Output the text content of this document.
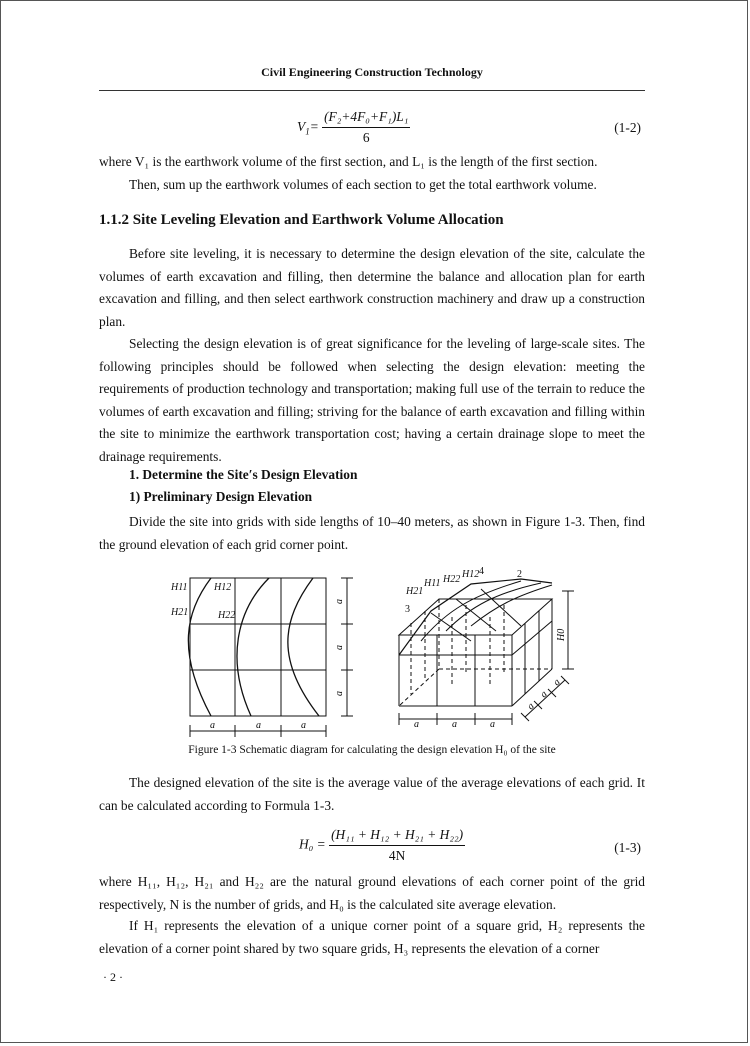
Civil Engineering Construction Technology
$V_1= \frac{\text{(F₂+4F₀+F₁)L₁}}{6}$	(1-2)
where V₁ is the earthwork volume of the first section, and L₁ is the length of the first section.
Then, sum up the earthwork volumes of each section to get the total earthwork volume.
1.1.2 Site Leveling Elevation and Earthwork Volume Allocation
Before site leveling, it is necessary to determine the design elevation of the site, calculate the volumes of earth excavation and filling, then determine the balance and allocation plan for earth excavation and filling, and then select earthwork construction machinery and draw up a construction plan.
Selecting the design elevation is of great significance for the leveling of large-scale sites. The following principles should be followed when selecting the design elevation: meeting the requirements of production technology and transportation; making full use of the terrain to reduce the volumes of earth excavation and filling; striving for the balance of earth excavation and filling within the site to minimize the earthwork transportation cost; having a certain drainage slope to meet the drainage requirements.
1. Determine the Site′s Design Elevation
1) Preliminary Design Elevation
Divide the site into grids with side lengths of 10–40 meters, as shown in Figure 1-3. Then, find the ground elevation of each grid corner point.
H11	H12
H21	H22
a	a	a
a
a
a
H21
H11 H22 H12 4	2
3
H0
a	a	a
a
a
a
Figure 1-3 Schematic diagram for calculating the design elevation H₀ of the site
The designed elevation of the site is the average value of the average elevations of each grid. It can be calculated according to Formula 1-3.
$H_0 = \frac{\text{(H₁₁ + H₁₂ + H₂₁ + H₂₂)}}{4N}$	(1-3)
where H₁₁, H₁₂, H₂₁ and H₂₂ are the natural ground elevations of each corner point of the grid respectively, N is the number of grids, and H₀ is the calculated site average elevation.
If H₁ represents the elevation of a unique corner point of a square grid, H₂ represents the elevation of a corner point shared by two square grids, H₃ represents the elevation of a corner
· 2 ·
